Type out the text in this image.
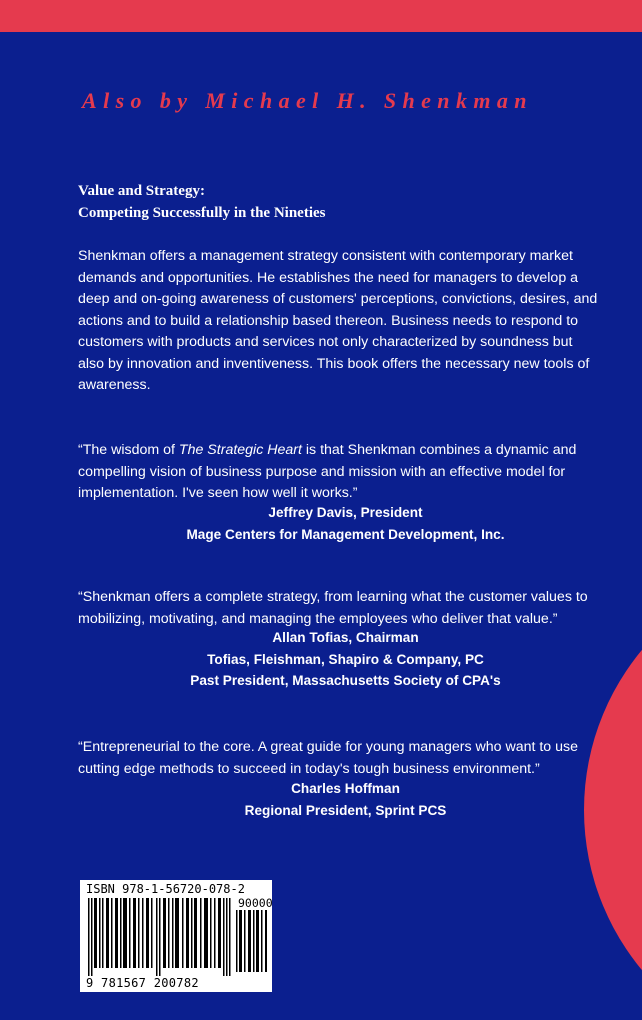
Also by Michael H. Shenkman
Value and Strategy:
Competing Successfully in the Nineties
Shenkman offers a management strategy consistent with contemporary market demands and opportunities. He establishes the need for managers to develop a deep and on-going awareness of customers' perceptions, convictions, desires, and actions and to build a relationship based thereon. Business needs to respond to customers with products and services not only characterized by soundness but also by innovation and inventiveness. This book offers the necessary new tools of awareness.

“The wisdom of The Strategic Heart is that Shenkman combines a dynamic and compelling vision of business purpose and mission with an effective model for implementation. I've seen how well it works.”

Jeffrey Davis, President
Mage Centers for Management Development, Inc.

“Shenkman offers a complete strategy, from learning what the customer values to mobilizing, motivating, and managing the employees who deliver that value.”

Allan Tofias, Chairman
Tofias, Fleishman, Shapiro & Company, PC
Past President, Massachusetts Society of CPA's

“Entrepreneurial to the core. A great guide for young managers who want to use cutting edge methods to succeed in today's tough business environment.”

Charles Hoffman
Regional President, Sprint PCS
ISBN 978-1-56720-078-2
90000
9 781567 200782
